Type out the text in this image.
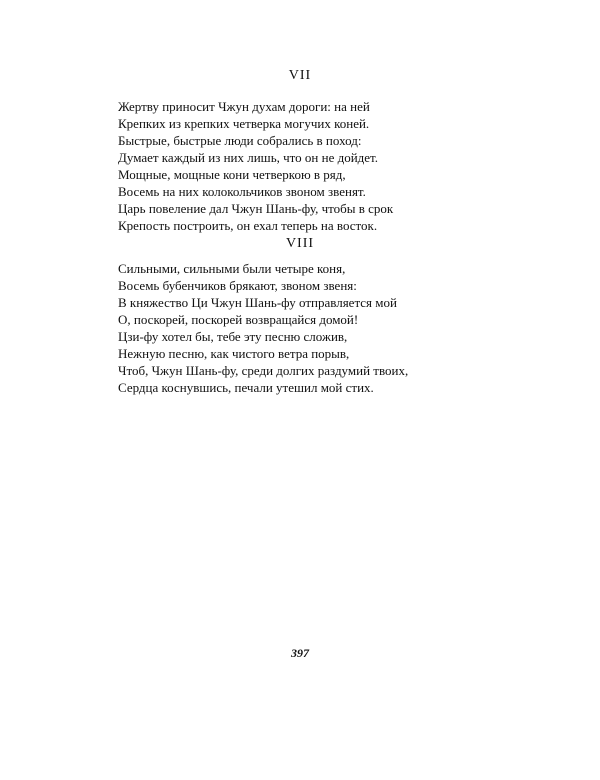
VII
Жертву приносит Чжун духам дороги: на ней
Крепких из крепких четверка могучих коней.
Быстрые, быстрые люди собрались в поход:
Думает каждый из них лишь, что он не дойдет.
Мощные, мощные кони четверкою в ряд,
Восемь на них колокольчиков звоном звенят.
Царь повеление дал Чжун Шань-фу, чтобы в срок
Крепость построить, он ехал теперь на восток.
VIII
Сильными, сильными были четыре коня,
Восемь бубенчиков брякают, звоном звеня:
В княжество Ци Чжун Шань-фу отправляется мой
О, поскорей, поскорей возвращайся домой!
Цзи-фу хотел бы, тебе эту песню сложив,
Нежную песню, как чистого ветра порыв,
Чтоб, Чжун Шань-фу, среди долгих раздумий твоих,
Сердца коснувшись, печали утешил мой стих.
397
